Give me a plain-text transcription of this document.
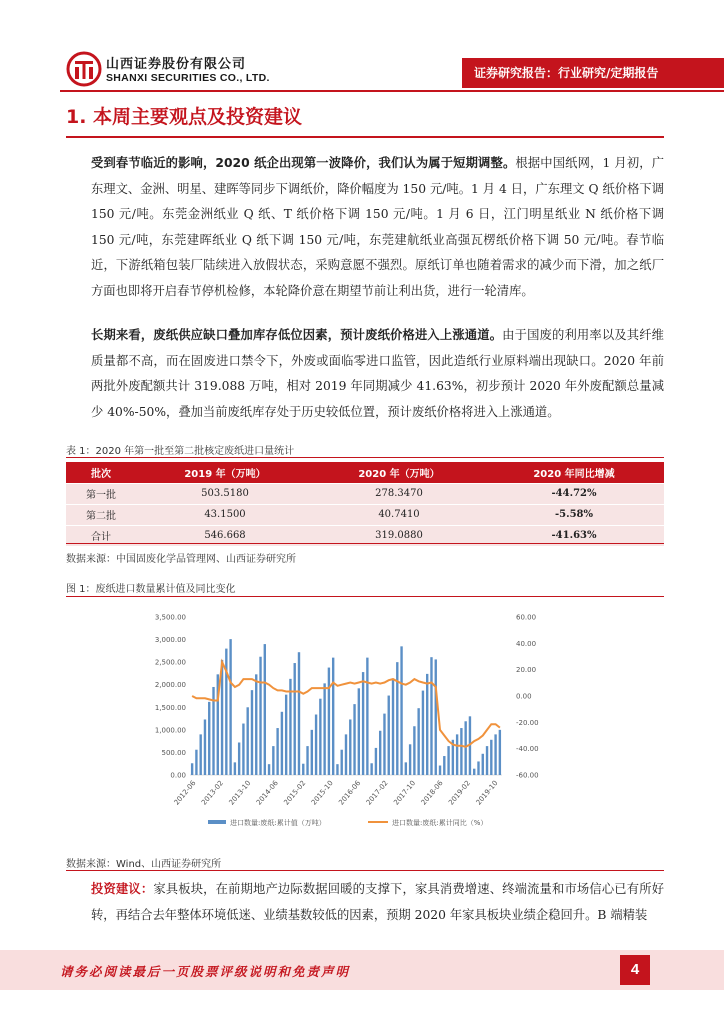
山西证券股份有限公司
SHANXI SECURITIES CO., LTD.	证券研究报告：行业研究/定期报告
1. 本周主要观点及投资建议
受到春节临近的影响，2020 纸企出现第一波降价，我们认为属于短期调整。根据中国纸网，1 月初，广东理文、金洲、明星、建晖等同步下调纸价，降价幅度为 150 元/吨。1 月 4 日，广东理文 Q 纸价格下调 150 元/吨。东莞金洲纸业 Q 纸、T 纸价格下调 150 元/吨。1 月 6 日，江门明星纸业 N 纸价格下调 150 元/吨，东莞建晖纸业 Q 纸下调 150 元/吨，东莞建航纸业高强瓦楞纸价格下调 50 元/吨。春节临近，下游纸箱包装厂陆续进入放假状态，采购意愿不强烈。原纸订单也随着需求的减少而下滑，加之纸厂方面也即将开启春节停机检修，本轮降价意在期望节前让利出货，进行一轮清库。
长期来看，废纸供应缺口叠加库存低位因素，预计废纸价格进入上涨通道。由于国废的利用率以及其纤维质量都不高，而在固废进口禁令下，外废或面临零进口监管，因此造纸行业原料端出现缺口。2020 年前两批外废配额共计 319.088 万吨，相对 2019 年同期减少 41.63%，初步预计 2020 年外废配额总量减少 40%-50%，叠加当前废纸库存处于历史较低位置，预计废纸价格将进入上涨通道。
表 1：2020 年第一批至第二批核定废纸进口量统计
批次	2019 年（万吨）	2020 年（万吨）	2020 年同比增减
第一批	503.5180	278.3470	-44.72%
第二批	43.1500	40.7410	-5.58%
合计	546.668	319.0880	-41.63%
数据来源：中国固废化学品管理网、山西证券研究所
图 1：废纸进口数量累计值及同比变化
0.00
500.00
1,000.00
1,500.00
2,000.00
2,500.00
3,000.00
3,500.00	60.00
40.00
20.00
0.00
-20.00
-40.00
-60.00
2012-06 2013-02 2013-10 2014-06 2015-02 2015-10 2016-06 2017-02 2017-10 2018-06 2019-02 2019-10
进口数量:废纸:累计值（万吨）	进口数量:废纸:累计同比（%）
数据来源：Wind、山西证券研究所
投资建议：家具板块，在前期地产边际数据回暖的支撑下，家具消费增速、终端流量和市场信心已有所好转，再结合去年整体环境低迷、业绩基数较低的因素，预期 2020 年家具板块业绩企稳回升。B 端精装
请务必阅读最后一页股票评级说明和免责声明	4
